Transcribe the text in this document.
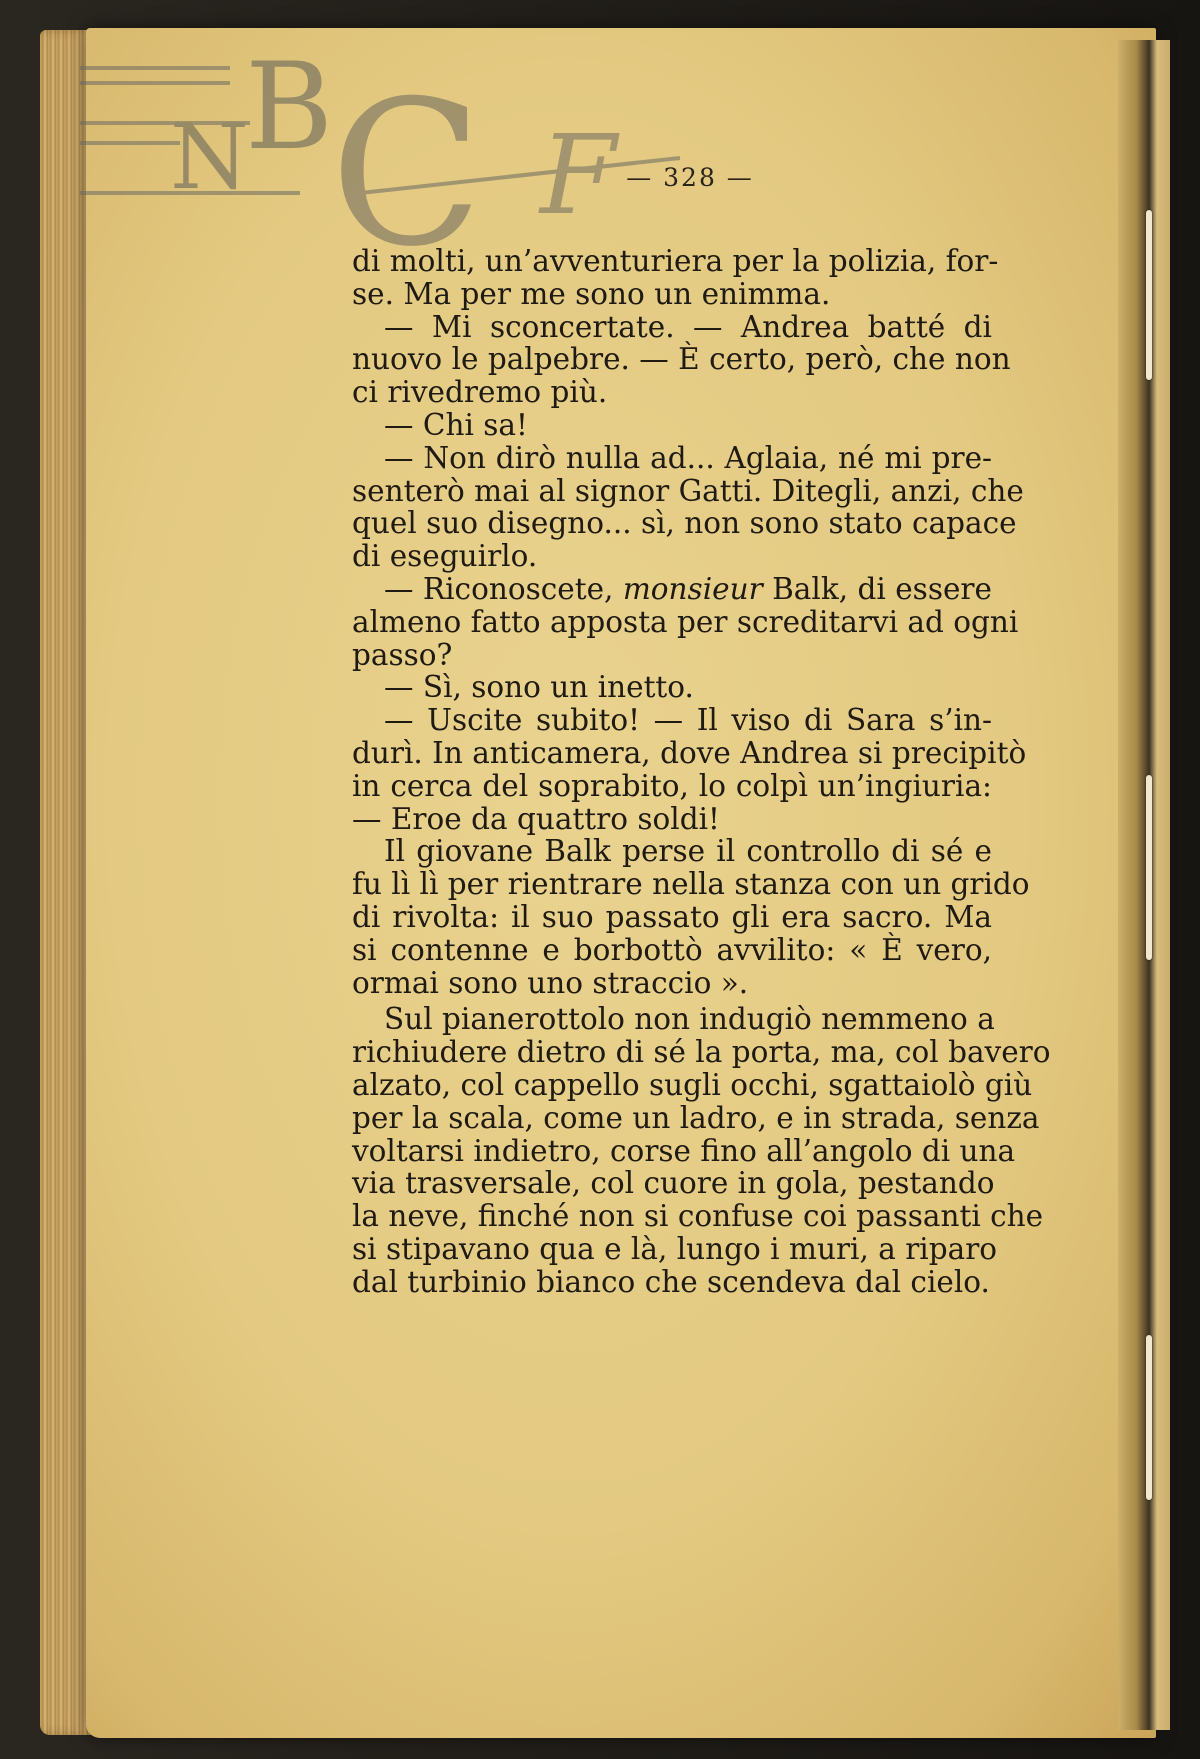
N
B
C F — 328 —
di molti, un’avventuriera per la polizia, for-
se. Ma per me sono un enimma.
— Mi sconcertate. — Andrea batté di
nuovo le palpebre. — È certo, però, che non
ci rivedremo più.
— Chi sa!
— Non dirò nulla ad... Aglaia, né mi pre-
senterò mai al signor Gatti. Ditegli, anzi, che
quel suo disegno... sì, non sono stato capace
di eseguirlo.
— Riconoscete, monsieur Balk, di essere
almeno fatto apposta per screditarvi ad ogni
passo?
— Sì, sono un inetto.
— Uscite subito! — Il viso di Sara s’in-
durì. In anticamera, dove Andrea si precipitò
in cerca del soprabito, lo colpì un’ingiuria:
— Eroe da quattro soldi!
Il giovane Balk perse il controllo di sé e
fu lì lì per rientrare nella stanza con un grido
di rivolta: il suo passato gli era sacro. Ma
si contenne e borbottò avvilito: « È vero,
ormai sono uno straccio ».
Sul pianerottolo non indugiò nemmeno a
richiudere dietro di sé la porta, ma, col bavero
alzato, col cappello sugli occhi, sgattaiolò giù
per la scala, come un ladro, e in strada, senza
voltarsi indietro, corse fino all’angolo di una
via trasversale, col cuore in gola, pestando
la neve, finché non si confuse coi passanti che
si stipavano qua e là, lungo i muri, a riparo
dal turbinio bianco che scendeva dal cielo.
